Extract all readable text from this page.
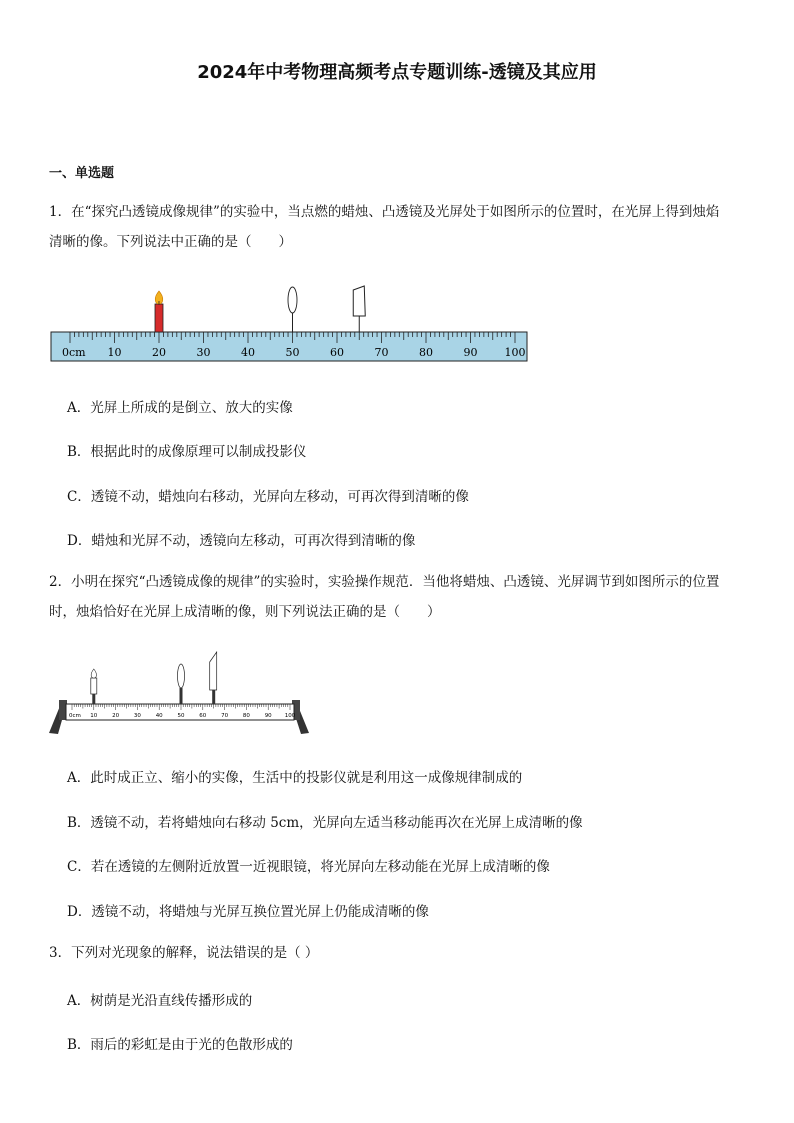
2024年中考物理高频考点专题训练-透镜及其应用
一、单选题
1．在“探究凸透镜成像规律”的实验中，当点燃的蜡烛、凸透镜及光屏处于如图所示的位置时，在光屏上得到烛焰
清晰的像。下列说法中正确的是（　　）
0cm 10	20	30	40	50	60	70	80	90 100
A．光屏上所成的是倒立、放大的实像
B．根据此时的成像原理可以制成投影仪
C．透镜不动，蜡烛向右移动，光屏向左移动，可再次得到清晰的像
D．蜡烛和光屏不动，透镜向左移动，可再次得到清晰的像
2．小明在探究“凸透镜成像的规律”的实验时，实验操作规范．当他将蜡烛、凸透镜、光屏调节到如图所示的位置
时，烛焰恰好在光屏上成清晰的像，则下列说法正确的是（　　）
0cm 10	20	30	40	50	60	70	80	90 100
A．此时成正立、缩小的实像，生活中的投影仪就是利用这一成像规律制成的
B．透镜不动，若将蜡烛向右移动 5cm，光屏向左适当移动能再次在光屏上成清晰的像
C．若在透镜的左侧附近放置一近视眼镜，将光屏向左移动能在光屏上成清晰的像
D．透镜不动，将蜡烛与光屏互换位置光屏上仍能成清晰的像
3．下列对光现象的解释，说法错误的是（ ）
A．树荫是光沿直线传播形成的
B．雨后的彩虹是由于光的色散形成的
